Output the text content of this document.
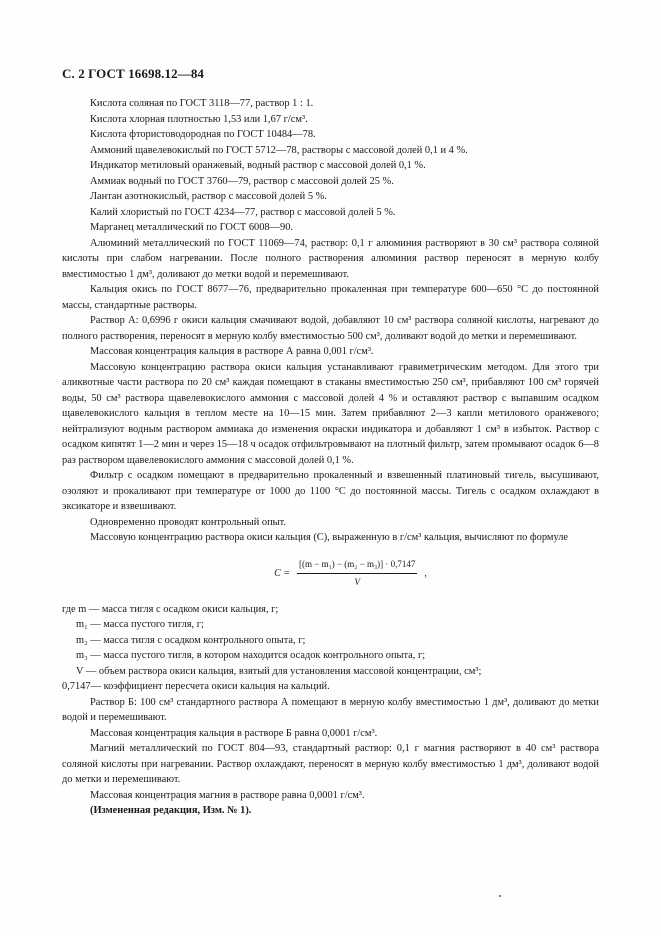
С. 2 ГОСТ 16698.12—84

Кислота соляная по ГОСТ 3118—77, раствор 1 : 1.

Кислота хлорная плотностью 1,53 или 1,67 г/см³.

Кислота фтористоводородная по ГОСТ 10484—78.

Аммоний щавелевокислый по ГОСТ 5712—78, растворы с массовой долей 0,1 и 4 %.

Индикатор метиловый оранжевый, водный раствор с массовой долей 0,1 %.

Аммиак водный по ГОСТ 3760—79, раствор с массовой долей 25 %.

Лантан азотнокислый, раствор с массовой долей 5 %.

Калий хлористый по ГОСТ 4234—77, раствор с массовой долей 5 %.

Марганец металлический по ГОСТ 6008—90.

Алюминий металлический по ГОСТ 11069—74, раствор: 0,1 г алюминия растворяют в 30 см³ раствора соляной кислоты при слабом нагревании. После полного растворения алюминия раствор переносят в мерную колбу вместимостью 1 дм³, доливают до метки водой и перемешивают.

Кальция окись по ГОСТ 8677—76, предварительно прокаленная при температуре 600—650 °С до постоянной массы, стандартные растворы.

Раствор А: 0,6996 г окиси кальция смачивают водой, добавляют 10 см³ раствора соляной кислоты, нагревают до полного растворения, переносят в мерную колбу вместимостью 500 см³, доливают водой до метки и перемешивают.

Массовая концентрация кальция в растворе А равна 0,001 г/см³.

Массовую концентрацию раствора окиси кальция устанавливают гравиметрическим методом. Для этого три аликвотные части раствора по 20 см³ каждая помещают в стаканы вместимостью 250 см³, прибавляют 100 см³ горячей воды, 50 см³ раствора щавелевокислого аммония с массовой долей 4 % и оставляют раствор с выпавшим осадком щавелевокислого кальция в теплом месте на 10—15 мин. Затем прибавляют 2—3 капли метилового оранжевого; нейтрализуют водным раствором аммиака до изменения окраски индикатора и добавляют 1 см³ в избыток. Раствор с осадком кипятят 1—2 мин и через 15—18 ч осадок отфильтровывают на плотный фильтр, затем промывают осадок 6—8 раз раствором щавелевокислого аммония с массовой долей 0,1 %.

Фильтр с осадком помещают в предварительно прокаленный и взвешенный платиновый тигель, высушивают, озоляют и прокаливают при температуре от 1000 до 1100 °С до постоянной массы. Тигель с осадком охлаждают в эксикаторе и взвешивают.

Одновременно проводят контрольный опыт.

Массовую концентрацию раствора окиси кальция (С), выраженную в г/см³ кальция, вычисляют по формуле

$C = \frac{\text{[(m − m₁) − (m₂ − m₃)] · 0,7147}}{V}$ ,

где m — масса тигля с осадком окиси кальция, г;

m₁ — масса пустого тигля, г;

m₂ — масса тигля с осадком контрольного опыта, г;

m₃ — масса пустого тигля, в котором находится осадок контрольного опыта, г;

V — объем раствора окиси кальция, взятый для установления массовой концентрации, см³;

0,7147— коэффициент пересчета окиси кальция на кальций.

Раствор Б: 100 см³ стандартного раствора А помещают в мерную колбу вместимостью 1 дм³, доливают до метки водой и перемешивают.

Массовая концентрация кальция в растворе Б равна 0,0001 г/см³.

Магний металлический по ГОСТ 804—93, стандартный раствор: 0,1 г магния растворяют в 40 см³ раствора соляной кислоты при нагревании. Раствор охлаждают, переносят в мерную колбу вместимостью 1 дм³, доливают водой до метки и перемешивают.

Массовая концентрация магния в растворе равна 0,0001 г/см³.

(Измененная редакция, Изм. № 1).
